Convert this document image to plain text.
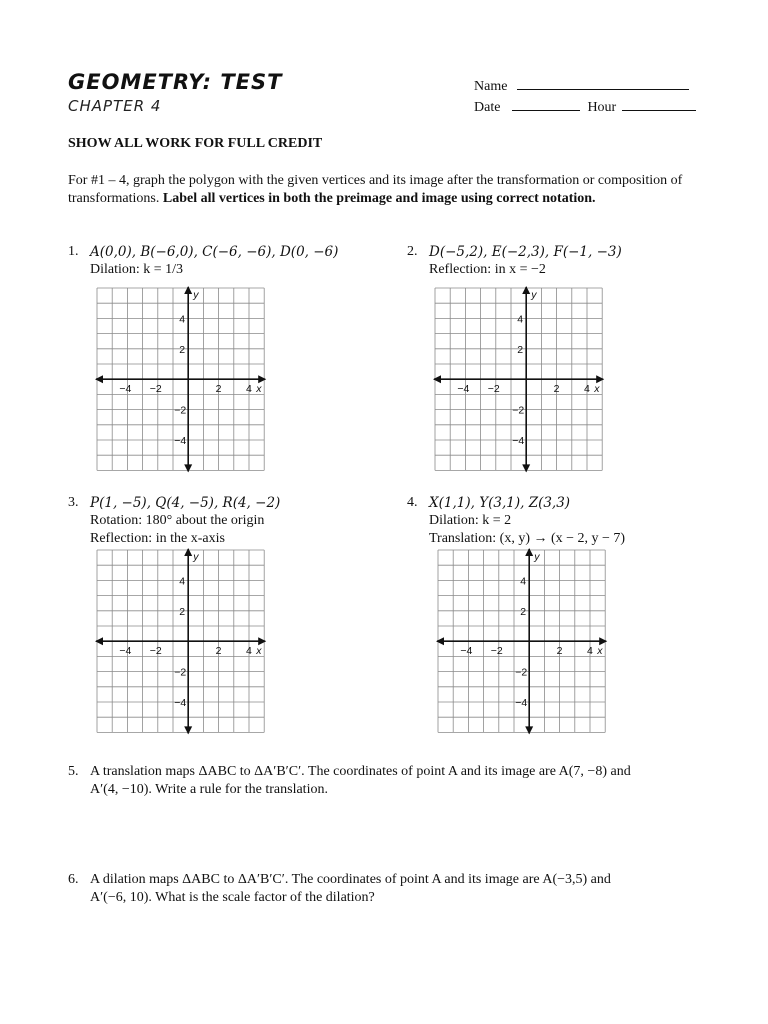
GEOMETRY: TEST
CHAPTER 4
Name
Date	Hour
SHOW ALL WORK FOR FULL CREDIT
For #1 – 4, graph the polygon with the given vertices and its image after the transformation or composition of transformations. Label all vertices in both the preimage and image using correct notation.
1. A(0,0), B(−6,0), C(−6, −6), D(0, −6)
Dilation: k = 1/3
2. D(−5,2), E(−2,3), F(−1, −3)
Reflection: in x = −2
3. P(1, −5), Q(4, −5), R(4, −2)
Rotation: 180° about the origin
Reflection: in the x-axis
4. X(1,1), Y(3,1), Z(3,3)
Dilation: k = 2
Translation: (x, y) → (x − 2, y − 7)
x
y
−4 −2	2 4
4
2
−2
−4
x
y
−4 −2	2 4
4
2
−2
−4
x
y
−4 −2	2 4
4
2
−2
−4
x
y
−4 −2	2 4
4
2
−2
−4
5. A translation maps ΔABC to ΔA′B′C′. The coordinates of point A and its image are A(7, −8) and
A′(4, −10). Write a rule for the translation.
6. A dilation maps ΔABC to ΔA′B′C′. The coordinates of point A and its image are A(−3,5) and
A′(−6, 10). What is the scale factor of the dilation?
